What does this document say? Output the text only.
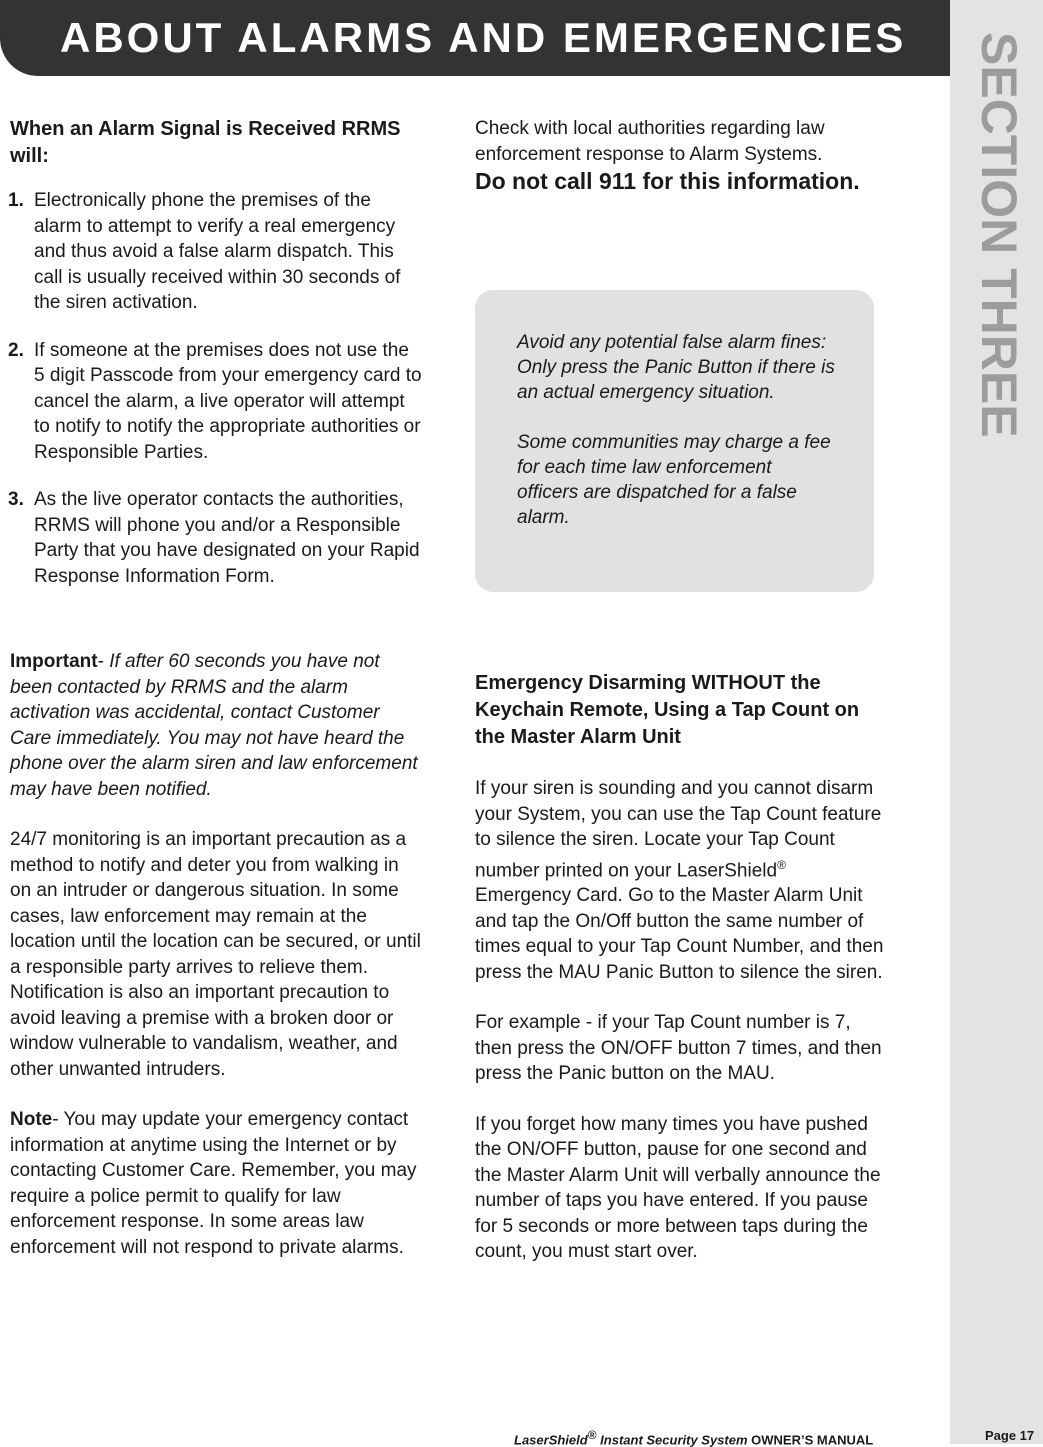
SECTION THREE
ABOUT ALARMS AND EMERGENCIES

When an Alarm Signal is Received RRMS will:

1. Electronically phone the premises of the alarm to attempt to verify a real emergency and thus avoid a false alarm dispatch. This call is usually received within 30 seconds of the siren activation.
2. If someone at the premises does not use the 5 digit Passcode from your emergency card to cancel the alarm, a live operator will attempt to notify to notify the appropriate authorities or Responsible Parties.
3. As the live operator contacts the authorities, RRMS will phone you and/or a Responsible Party that you have designated on your Rapid Response Information Form.

Important- If after 60 seconds you have not been contacted by RRMS and the alarm activation was accidental, contact Customer Care immediately. You may not have heard the phone over the alarm siren and law enforcement may have been notified.

24/7 monitoring is an important precaution as a method to notify and deter you from walking in on an intruder or dangerous situation. In some cases, law enforcement may remain at the location until the location can be secured, or until a responsible party arrives to relieve them. Notification is also an important precaution to avoid leaving a premise with a broken door or window vulnerable to vandalism, weather, and other unwanted intruders.

Note- You may update your emergency contact information at anytime using the Internet or by contacting Customer Care. Remember, you may require a police permit to qualify for law enforcement response. In some areas law enforcement will not respond to private alarms.

Check with local authorities regarding law enforcement response to Alarm Systems.

Do not call 911 for this information.

Avoid any potential false alarm fines: Only press the Panic Button if there is an actual emergency situation.

Some communities may charge a fee for each time law enforcement officers are dispatched for a false alarm.

Emergency Disarming WITHOUT the Keychain Remote, Using a Tap Count on the Master Alarm Unit

If your siren is sounding and you cannot disarm your System, you can use the Tap Count feature to silence the siren. Locate your Tap Count number printed on your LaserShield® Emergency Card. Go to the Master Alarm Unit and tap the On/Off button the same number of times equal to your Tap Count Number, and then press the MAU Panic Button to silence the siren.

For example - if your Tap Count number is 7, then press the ON/OFF button 7 times, and then press the Panic button on the MAU.

If you forget how many times you have pushed the ON/OFF button, pause for one second and the Master Alarm Unit will verbally announce the number of taps you have entered. If you pause for 5 seconds or more between taps during the count, you must start over.

LaserShield® Instant Security System OWNER’S MANUAL	Page 17
